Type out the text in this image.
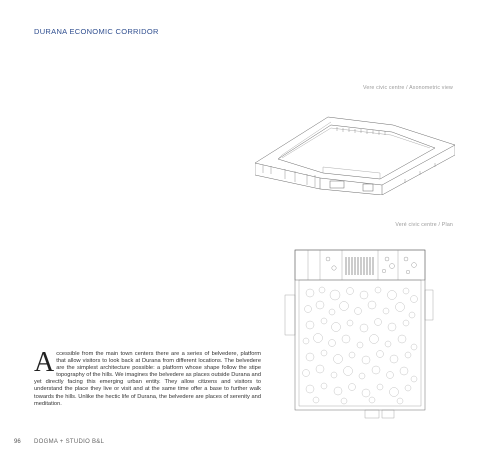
DURANA ECONOMIC CORRIDOR
Vere civic centre / Axonometric view
Veré civic centre / Plan
Accessible from the main town centers there are a series of belvedere, platform that allow visitors to look back at Durana from different locations. The belvedere are the simplest architecture possible: a platform whose shape follow the stipe topography of the hills. We imagines the belvedere as places outside Durana and yet directly facing this emerging urban entity. They allow citizens and visitors to understand the place they live or visit and at the same time offer a base to further walk towards the hills. Unlike the hectic life of Durana, the belvedere are places of serenity and meditation.
96 DOGMA + STUDIO B&L
